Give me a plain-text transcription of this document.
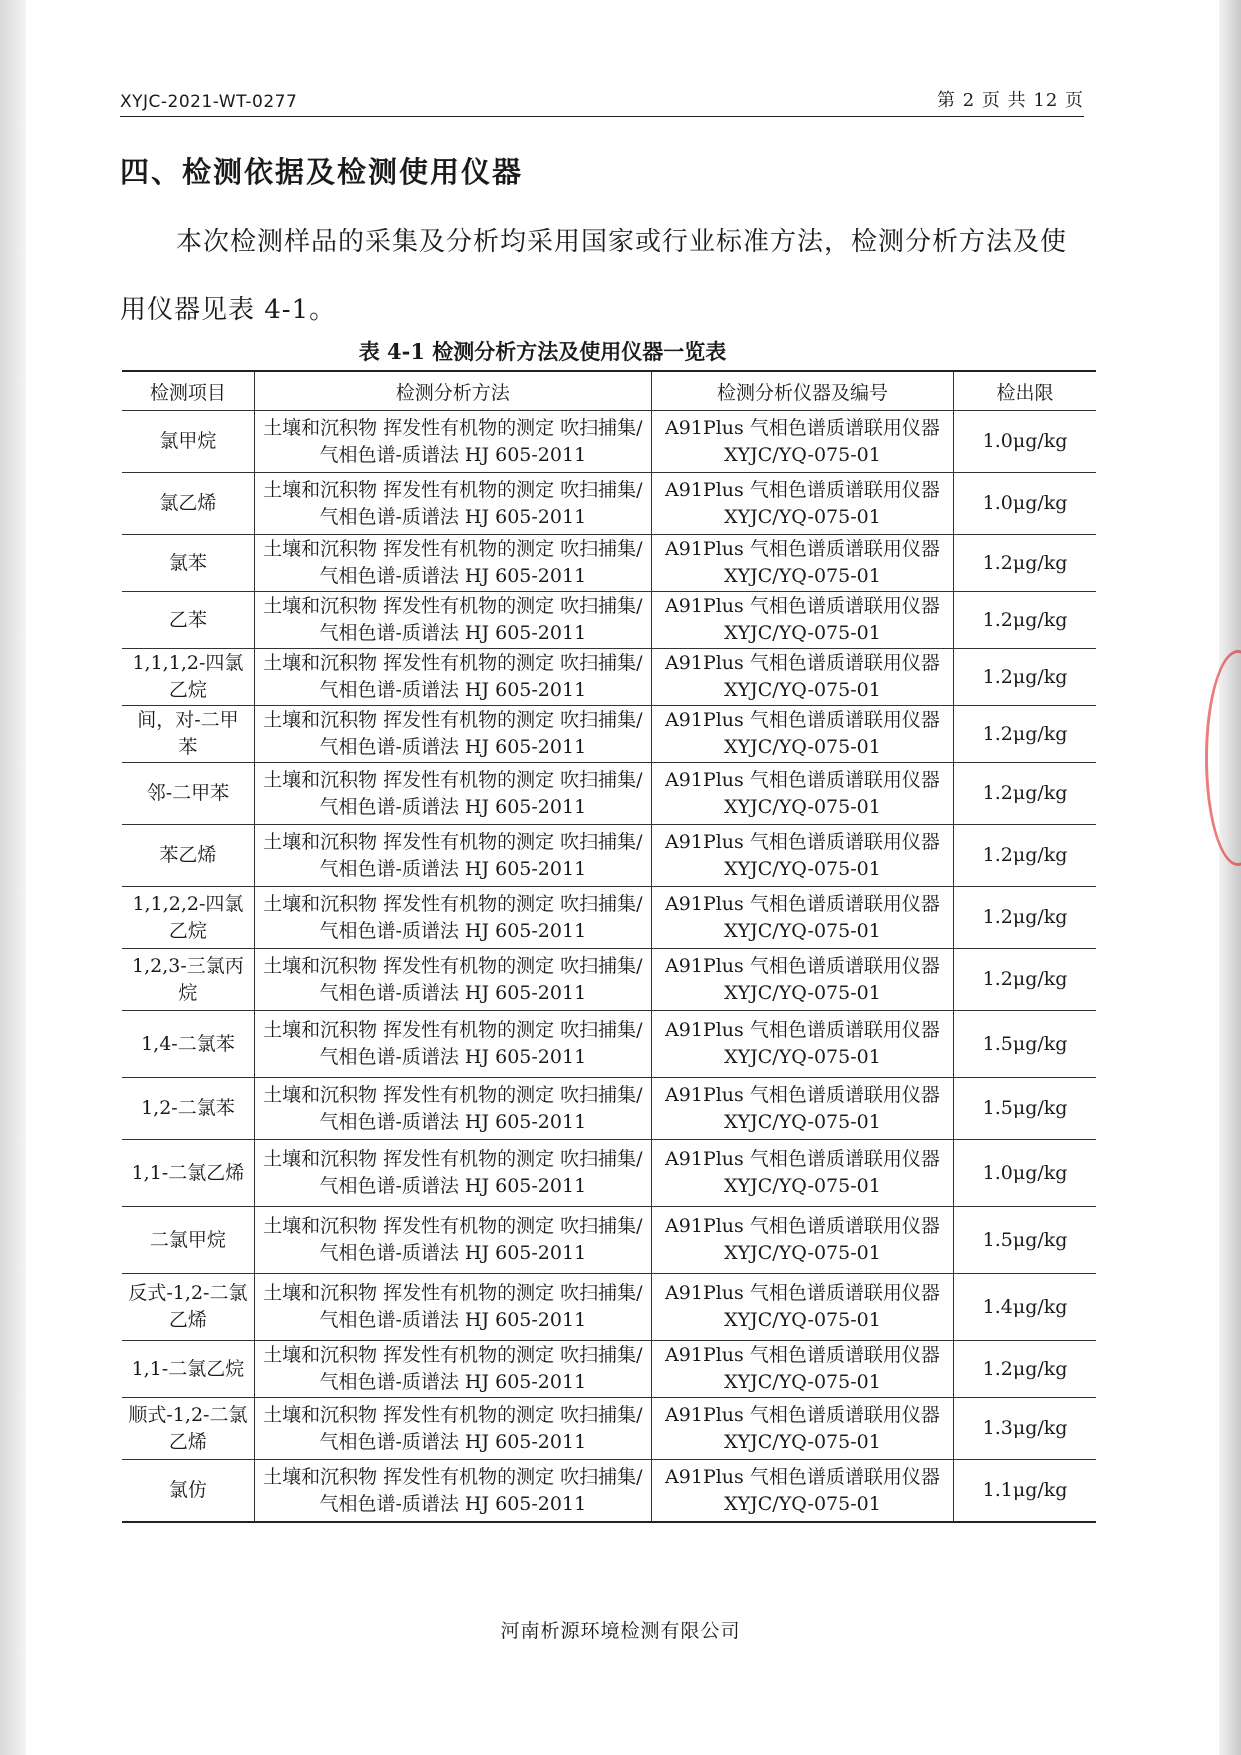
XYJC-2021-WT-0277	第 2 页 共 12 页
四、检测依据及检测使用仪器
本次检测样品的采集及分析均采用国家或行业标准方法，检测分析方法及使用仪器见表 4-1。
表 4-1 检测分析方法及使用仪器一览表
检测项目	检测分析方法	检测分析仪器及编号	检出限
氯甲烷	土壤和沉积物 挥发性有机物的测定 吹扫捕集/气相色谱-质谱法 HJ 605-2011	A91Plus 气相色谱质谱联用仪器XYJC/YQ-075-01	1.0μg/kg
氯乙烯	土壤和沉积物 挥发性有机物的测定 吹扫捕集/气相色谱-质谱法 HJ 605-2011	A91Plus 气相色谱质谱联用仪器XYJC/YQ-075-01	1.0μg/kg
氯苯	土壤和沉积物 挥发性有机物的测定 吹扫捕集/气相色谱-质谱法 HJ 605-2011	A91Plus 气相色谱质谱联用仪器XYJC/YQ-075-01	1.2μg/kg
乙苯	土壤和沉积物 挥发性有机物的测定 吹扫捕集/气相色谱-质谱法 HJ 605-2011	A91Plus 气相色谱质谱联用仪器XYJC/YQ-075-01	1.2μg/kg
1,1,1,2-四氯乙烷	土壤和沉积物 挥发性有机物的测定 吹扫捕集/气相色谱-质谱法 HJ 605-2011	A91Plus 气相色谱质谱联用仪器XYJC/YQ-075-01	1.2μg/kg
间，对-二甲苯	土壤和沉积物 挥发性有机物的测定 吹扫捕集/气相色谱-质谱法 HJ 605-2011	A91Plus 气相色谱质谱联用仪器XYJC/YQ-075-01	1.2μg/kg
邻-二甲苯	土壤和沉积物 挥发性有机物的测定 吹扫捕集/气相色谱-质谱法 HJ 605-2011	A91Plus 气相色谱质谱联用仪器XYJC/YQ-075-01	1.2μg/kg
苯乙烯	土壤和沉积物 挥发性有机物的测定 吹扫捕集/气相色谱-质谱法 HJ 605-2011	A91Plus 气相色谱质谱联用仪器XYJC/YQ-075-01	1.2μg/kg
1,1,2,2-四氯乙烷	土壤和沉积物 挥发性有机物的测定 吹扫捕集/气相色谱-质谱法 HJ 605-2011	A91Plus 气相色谱质谱联用仪器XYJC/YQ-075-01	1.2μg/kg
1,2,3-三氯丙烷	土壤和沉积物 挥发性有机物的测定 吹扫捕集/气相色谱-质谱法 HJ 605-2011	A91Plus 气相色谱质谱联用仪器XYJC/YQ-075-01	1.2μg/kg
1,4-二氯苯	土壤和沉积物 挥发性有机物的测定 吹扫捕集/气相色谱-质谱法 HJ 605-2011	A91Plus 气相色谱质谱联用仪器XYJC/YQ-075-01	1.5μg/kg
1,2-二氯苯	土壤和沉积物 挥发性有机物的测定 吹扫捕集/气相色谱-质谱法 HJ 605-2011	A91Plus 气相色谱质谱联用仪器XYJC/YQ-075-01	1.5μg/kg
1,1-二氯乙烯	土壤和沉积物 挥发性有机物的测定 吹扫捕集/气相色谱-质谱法 HJ 605-2011	A91Plus 气相色谱质谱联用仪器XYJC/YQ-075-01	1.0μg/kg
二氯甲烷	土壤和沉积物 挥发性有机物的测定 吹扫捕集/气相色谱-质谱法 HJ 605-2011	A91Plus 气相色谱质谱联用仪器XYJC/YQ-075-01	1.5μg/kg
反式-1,2-二氯乙烯	土壤和沉积物 挥发性有机物的测定 吹扫捕集/气相色谱-质谱法 HJ 605-2011	A91Plus 气相色谱质谱联用仪器XYJC/YQ-075-01	1.4μg/kg
1,1-二氯乙烷	土壤和沉积物 挥发性有机物的测定 吹扫捕集/气相色谱-质谱法 HJ 605-2011	A91Plus 气相色谱质谱联用仪器XYJC/YQ-075-01	1.2μg/kg
顺式-1,2-二氯乙烯	土壤和沉积物 挥发性有机物的测定 吹扫捕集/气相色谱-质谱法 HJ 605-2011	A91Plus 气相色谱质谱联用仪器XYJC/YQ-075-01	1.3μg/kg
氯仿	土壤和沉积物 挥发性有机物的测定 吹扫捕集/气相色谱-质谱法 HJ 605-2011	A91Plus 气相色谱质谱联用仪器XYJC/YQ-075-01	1.1μg/kg
河南析源环境检测有限公司
